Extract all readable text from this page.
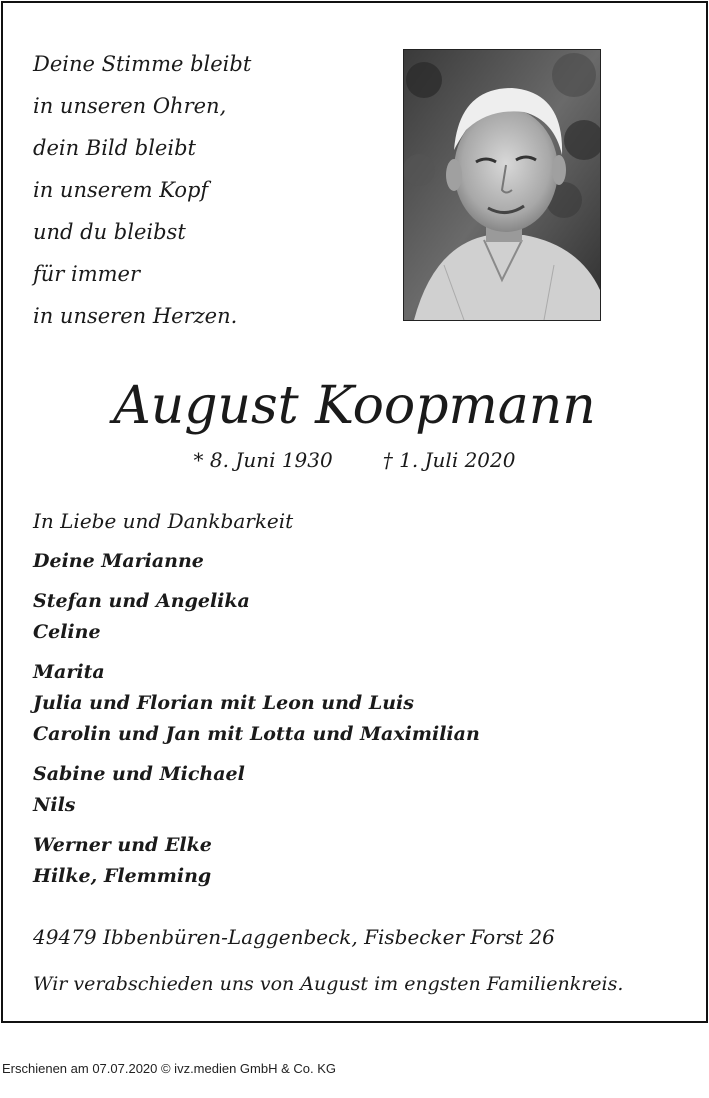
Deine Stimme bleibt
in unseren Ohren,
dein Bild bleibt
in unserem Kopf
und du bleibst
für immer
in unseren Herzen.
August Koopmann
* 8. Juni 1930	† 1. Juli 2020
In Liebe und Dankbarkeit
Deine Marianne
Stefan und Angelika
Celine
Marita
Julia und Florian mit Leon und Luis
Carolin und Jan mit Lotta und Maximilian
Sabine und Michael
Nils
Werner und Elke
Hilke, Flemming
49479 Ibbenbüren-Laggenbeck, Fisbecker Forst 26
Wir verabschieden uns von August im engsten Familienkreis.
Erschienen am 07.07.2020 © ivz.medien GmbH & Co. KG
